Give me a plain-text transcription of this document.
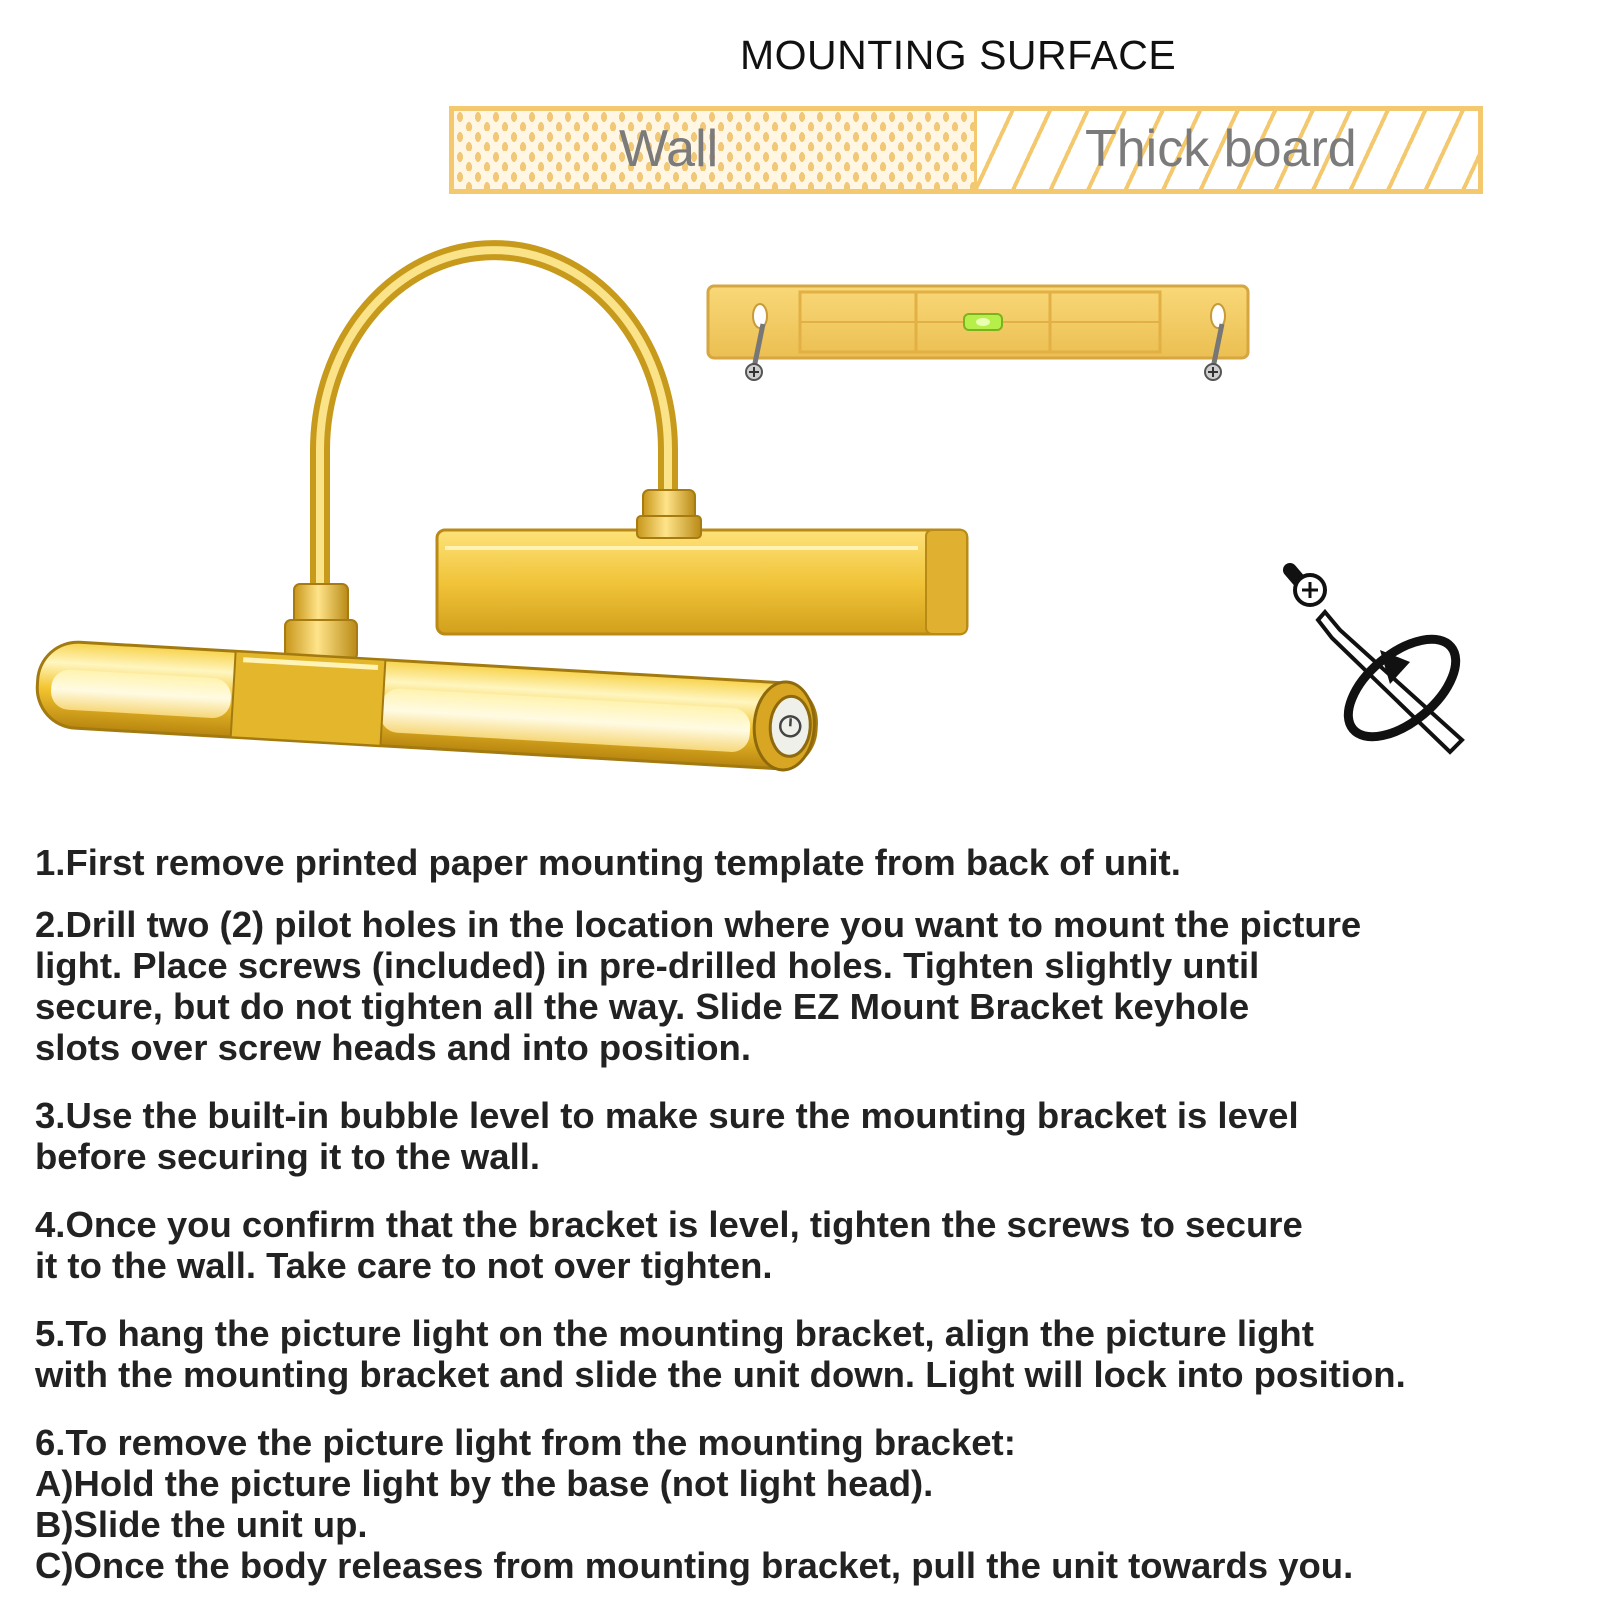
MOUNTING SURFACE
Wall	Thick board
1.First remove printed paper mounting template from back of unit.
2.Drill two (2) pilot holes in the location where you want to mount the picture
light. Place screws (included) in pre-drilled holes. Tighten slightly until
secure, but do not tighten all the way. Slide EZ Mount Bracket keyhole
slots over screw heads and into position.
3.Use the built-in bubble level to make sure the mounting bracket is level
before securing it to the wall.
4.Once you confirm that the bracket is level, tighten the screws to secure
it to the wall. Take care to not over tighten.
5.To hang the picture light on the mounting bracket, align the picture light
with the mounting bracket and slide the unit down. Light will lock into position.
6.To remove the picture light from the mounting bracket:
A)Hold the picture light by the base (not light head).
B)Slide the unit up.
C)Once the body releases from mounting bracket, pull the unit towards you.
